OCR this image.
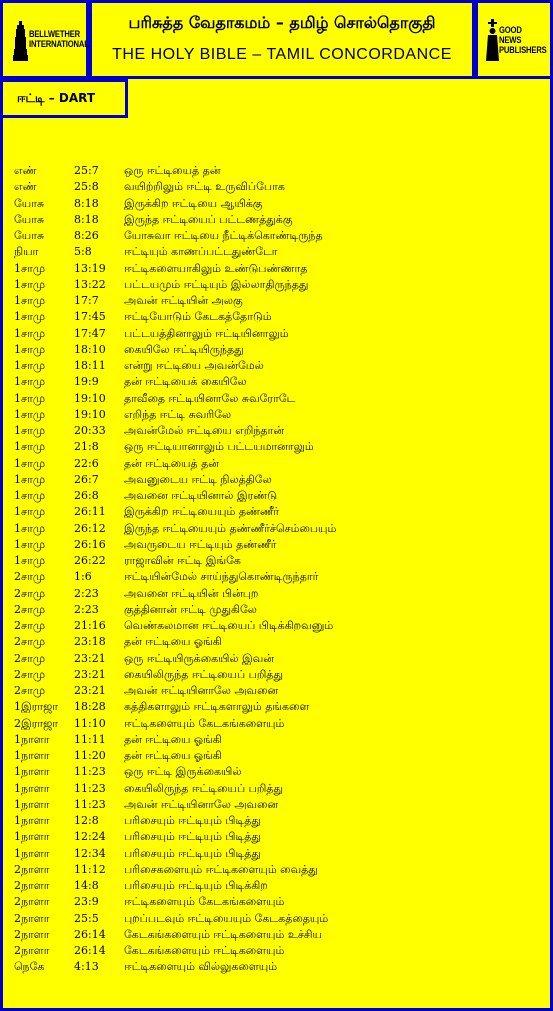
BELLWETHER
INTERNATIONAL
பரிசுத்த வேதாகமம் – தமிழ் சொல்தொகுதி
THE HOLY BIBLE – TAMIL CONCORDANCE
GOOD NEWS
PUBLISHERS
ஈட்டி – DART
எண்	25:7 ஒரு ஈட்டியைத் தன்
எண்	25:8 வயிற்றிலும் ஈட்டி உருவிப்போக
யோசு	8:18 இருக்கிற ஈட்டியை ஆயிக்கு
யோசு	8:18 இருந்த ஈட்டியைப் பட்டணத்துக்கு
யோசு	8:26 யோசுவா ஈட்டியை நீட்டிக்கொண்டிருந்த
நியா	5:8	ஈட்டியும் காணப்பட்டதுண்டோ
1சாமு	13:19 ஈட்டிகளையாகிலும் உண்டுபண்ணாத
1சாமு	13:22 பட்டயமும் ஈட்டியும் இல்லாதிருந்தது
1சாமு	17:7 அவன் ஈட்டியின் அலகு
1சாமு	17:45 ஈட்டியோடும் கேடகத்தோடும்
1சாமு	17:47 பட்டயத்தினாலும் ஈட்டியினாலும்
1சாமு	18:10 கையிலே ஈட்டியிருந்தது
1சாமு	18:11 என்று ஈட்டியை அவன்மேல்
1சாமு	19:9 தன் ஈட்டியைக் கையிலே
1சாமு	19:10 தாவீதை ஈட்டியினாலே சுவரோடே
1சாமு	19:10 எறிந்த ஈட்டி சுவரிலே
1சாமு	20:33 அவன்மேல் ஈட்டியை எறிந்தான்
1சாமு	21:8 ஒரு ஈட்டியானாலும் பட்டயமானாலும்
1சாமு	22:6 தன் ஈட்டியைத் தன்
1சாமு	26:7 அவனுடைய ஈட்டி நிலத்திலே
1சாமு	26:8 அவனை ஈட்டியினால் இரண்டு
1சாமு	26:11 இருக்கிற ஈட்டியையும் தண்ணீர்
1சாமு	26:12 இருந்த ஈட்டியையும் தண்ணீர்ச்செம்பையும்
1சாமு	26:16 அவருடைய ஈட்டியும் தண்ணீர்
1சாமு	26:22 ராஜாவின் ஈட்டி இங்கே
2சாமு	1:6	ஈட்டியின்மேல் சாய்ந்துகொண்டிருந்தார்
2சாமு	2:23 அவனை ஈட்டியின் பின்புற
2சாமு	2:23 குத்தினான் ஈட்டி முதுகிலே
2சாமு	21:16 வெண்கலமான ஈட்டியைப் பிடிக்கிறவனும்
2சாமு	23:18 தன் ஈட்டியை ஓங்கி
2சாமு	23:21 ஒரு ஈட்டியிருக்கையில் இவன்
2சாமு	23:21 கையிலிருந்த ஈட்டியைப் பறித்து
2சாமு	23:21 அவன் ஈட்டியினாலே அவனை
1இராஜா 18:28 கத்திகளாலும் ஈட்டிகளாலும் தங்களை
2இராஜா 11:10 ஈட்டிகளையும் கேடகங்களையும்
1நாளா 11:11 தன் ஈட்டியை ஓங்கி
1நாளா 11:20 தன் ஈட்டியை ஓங்கி
1நாளா 11:23 ஒரு ஈட்டி இருக்கையில்
1நாளா 11:23 கையிலிருந்த ஈட்டியைப் பறித்து
1நாளா 11:23 அவன் ஈட்டியினாலே அவனை
1நாளா 12:8 பரிசையும் ஈட்டியும் பிடித்து
1நாளா 12:24 பரிசையும் ஈட்டியும் பிடித்து
1நாளா 12:34 பரிசையும் ஈட்டியும் பிடித்து
2நாளா 11:12 பரிசைகளையும் ஈட்டிகளையும் வைத்து
2நாளா 14:8 பரிசையும் ஈட்டியும் பிடிக்கிற
2நாளா 23:9 ஈட்டிகளையும் கேடகங்களையும்
2நாளா 25:5 புறப்படவும் ஈட்டியையும் கேடகத்தையும்
2நாளா 26:14 கேடகங்களையும் ஈட்டிகளையும் உச்சிய
2நாளா 26:14 கேடகங்களையும் ஈட்டிகளையும்
நெகே	4:13 ஈட்டிகளையும் வில்லுகளையும்
